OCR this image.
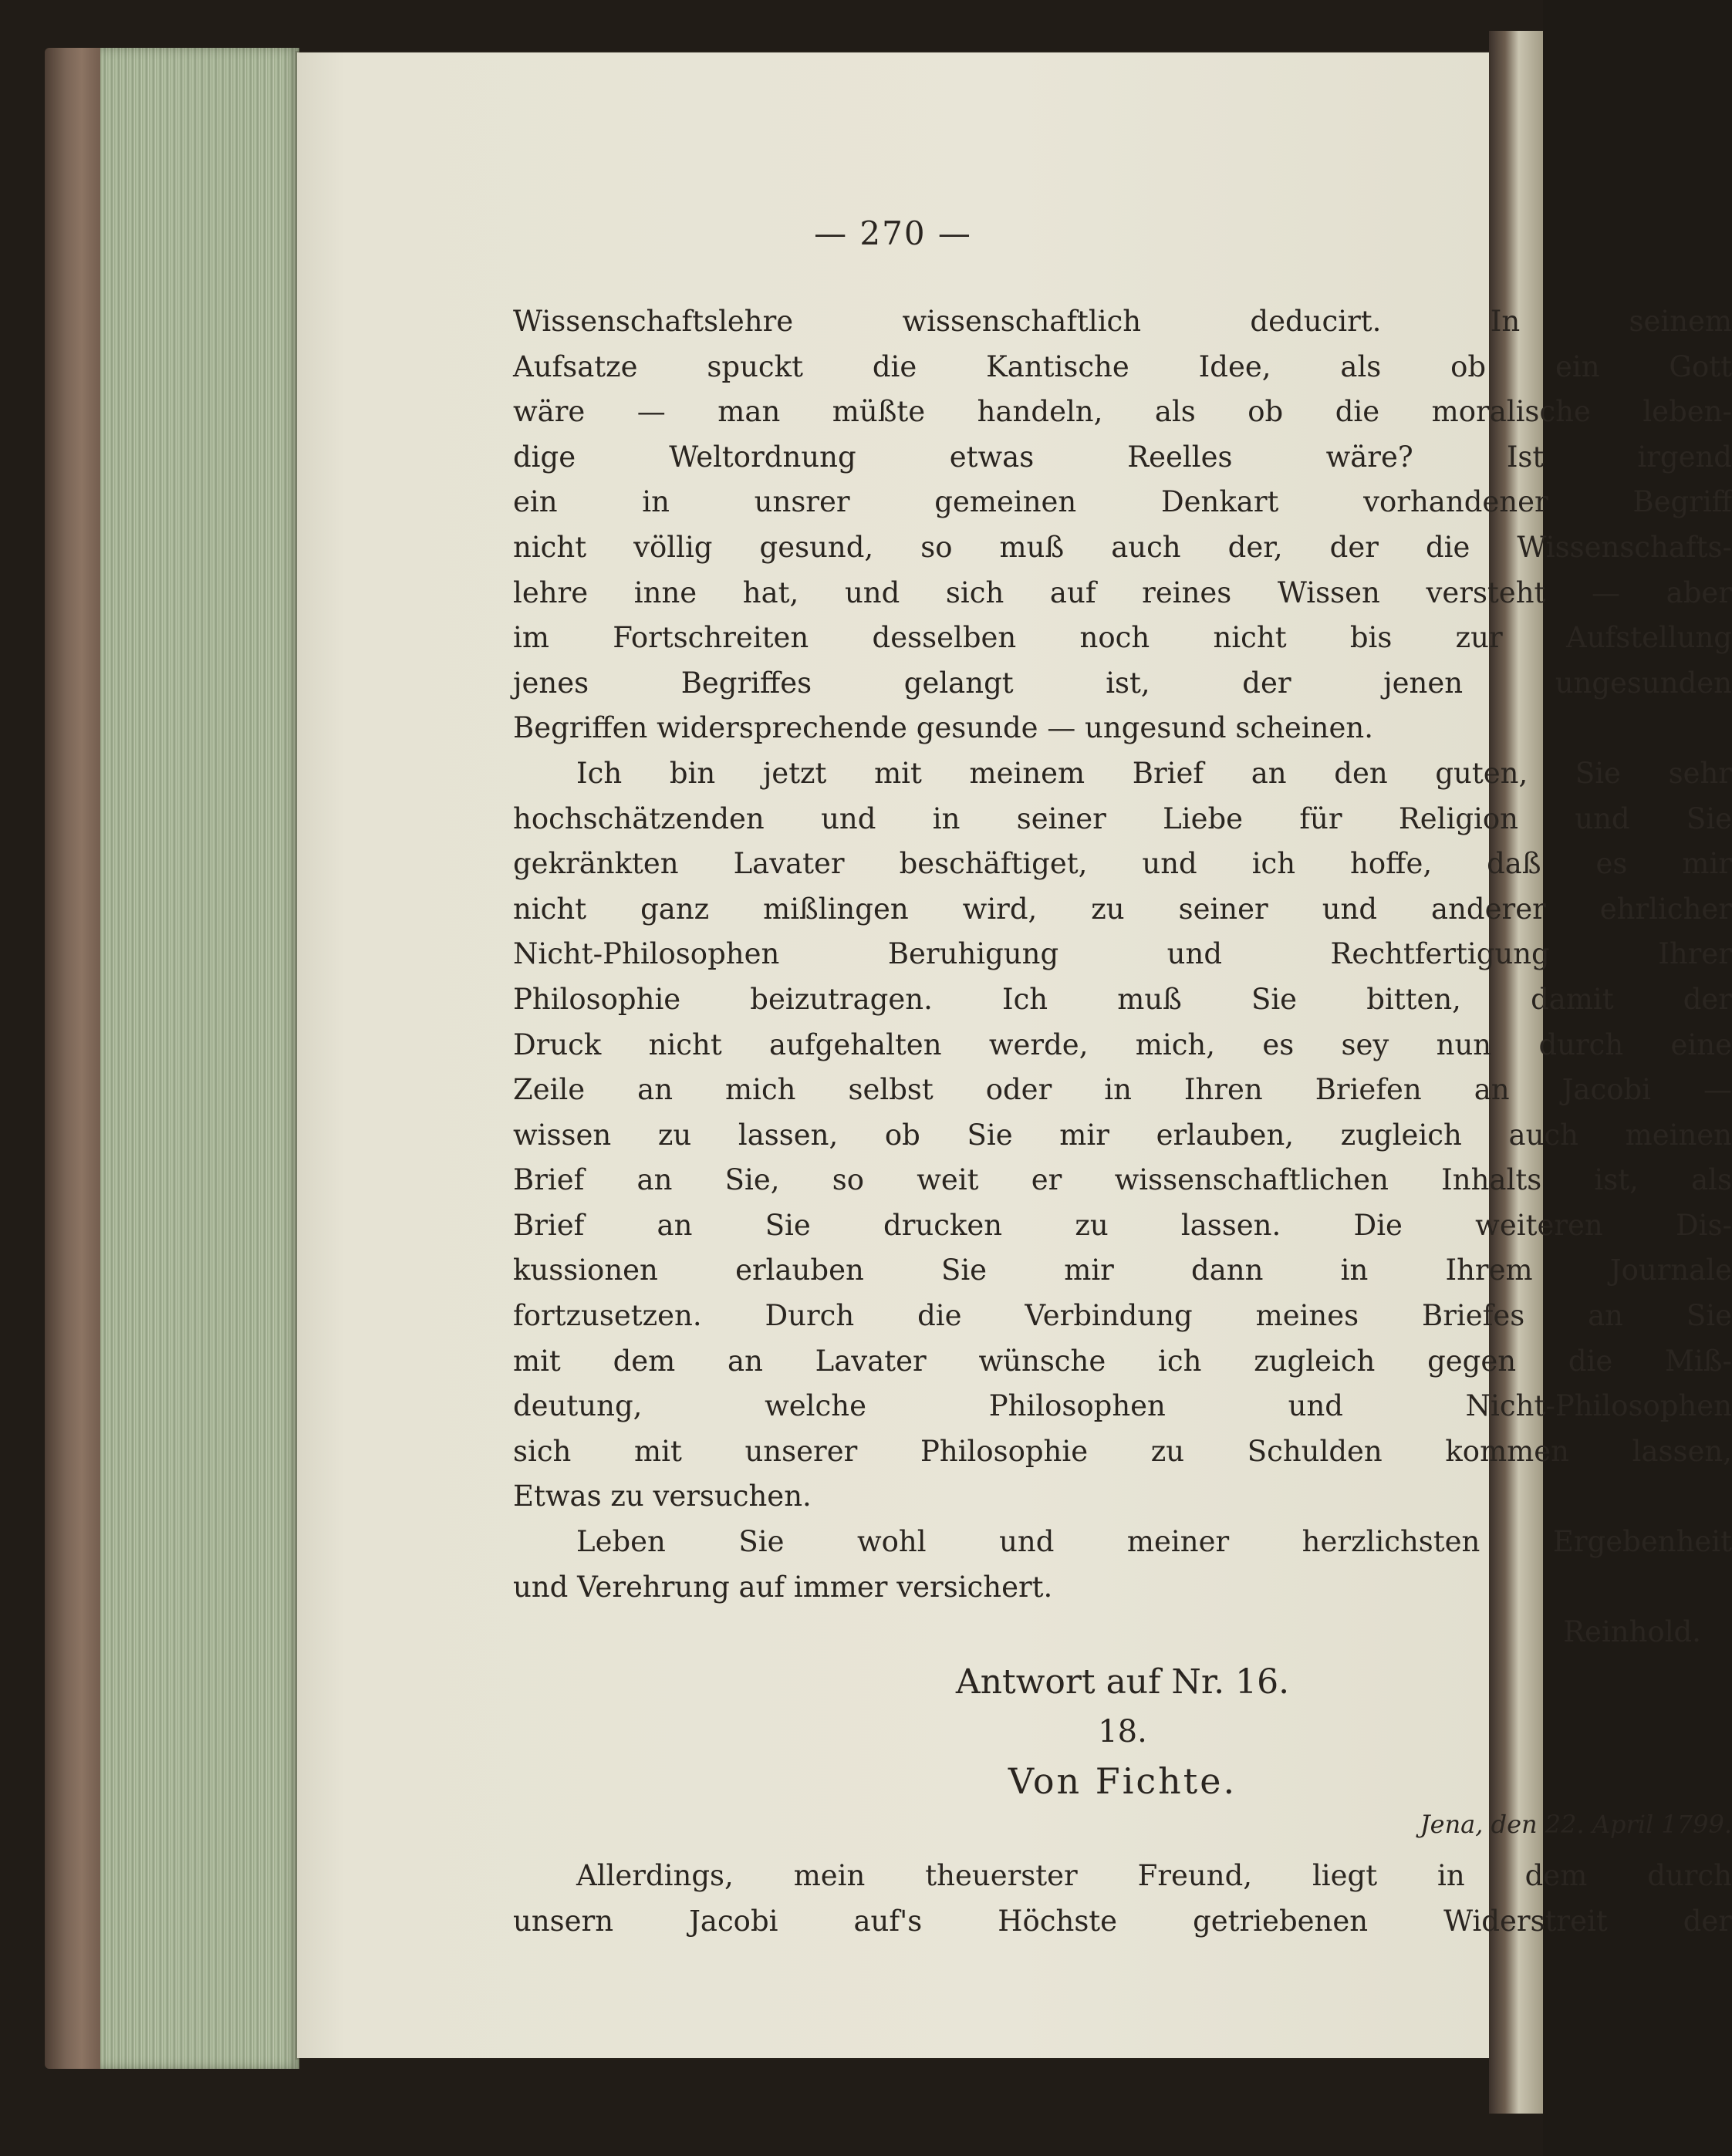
— 270 —
Wissenschaftslehre wissenschaftlich deducirt. In seinem
Aufsatze spuckt die Kantische Idee, als ob ein Gott
wäre — man müßte handeln, als ob die moralische leben-
dige Weltordnung etwas Reelles wäre? Ist irgend
ein in unsrer gemeinen Denkart vorhandener Begriff
nicht völlig gesund, so muß auch der, der die Wissenschafts-
lehre inne hat, und sich auf reines Wissen versteht — aber
im Fortschreiten desselben noch nicht bis zur Aufstellung
jenes Begriffes gelangt ist, der jenen ungesunden
Begriffen widersprechende gesunde — ungesund scheinen.
Ich bin jetzt mit meinem Brief an den guten, Sie sehr
hochschätzenden und in seiner Liebe für Religion und Sie
gekränkten Lavater beschäftiget, und ich hoffe, daß es mir
nicht ganz mißlingen wird, zu seiner und anderer ehrlicher
Nicht-Philosophen Beruhigung und Rechtfertigung Ihrer
Philosophie beizutragen. Ich muß Sie bitten, damit der
Druck nicht aufgehalten werde, mich, es sey nun durch eine
Zeile an mich selbst oder in Ihren Briefen an Jacobi —
wissen zu lassen, ob Sie mir erlauben, zugleich auch meinen
Brief an Sie, so weit er wissenschaftlichen Inhalts ist, als
Brief an Sie drucken zu lassen. Die weiteren Dis-
kussionen erlauben Sie mir dann in Ihrem Journale
fortzusetzen. Durch die Verbindung meines Briefes an Sie
mit dem an Lavater wünsche ich zugleich gegen die Miß-
deutung, welche Philosophen und Nicht-Philosophen
sich mit unserer Philosophie zu Schulden kommen lassen,
Etwas zu versuchen.
Leben Sie wohl und meiner herzlichsten Ergebenheit
und Verehrung auf immer versichert.
Reinhold.
Antwort auf Nr. 16.
18.
Von Fichte.
Jena, den 22. April 1799.
Allerdings, mein theuerster Freund, liegt in dem durch
unsern Jacobi auf's Höchste getriebenen Widerstreit der
